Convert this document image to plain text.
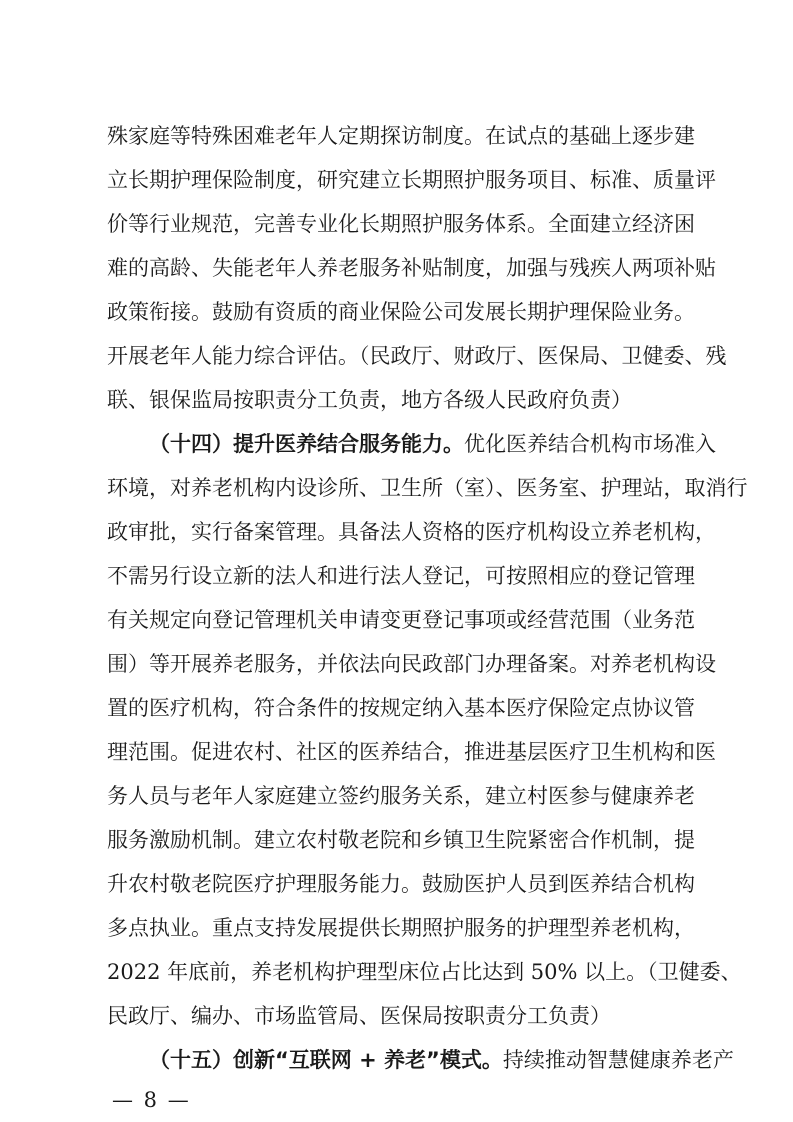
殊家庭等特殊困难老年人定期探访制度。在试点的基础上逐步建
立长期护理保险制度，研究建立长期照护服务项目、标准、质量评
价等行业规范，完善专业化长期照护服务体系。全面建立经济困
难的高龄、失能老年人养老服务补贴制度，加强与残疾人两项补贴
政策衔接。鼓励有资质的商业保险公司发展长期护理保险业务。
开展老年人能力综合评估。（民政厅、财政厅、医保局、卫健委、残
联、银保监局按职责分工负责，地方各级人民政府负责）
（十四）提升医养结合服务能力。优化医养结合机构市场准入
环境，对养老机构内设诊所、卫生所（室）、医务室、护理站，取消行
政审批，实行备案管理。具备法人资格的医疗机构设立养老机构，
不需另行设立新的法人和进行法人登记，可按照相应的登记管理
有关规定向登记管理机关申请变更登记事项或经营范围（业务范
围）等开展养老服务，并依法向民政部门办理备案。对养老机构设
置的医疗机构，符合条件的按规定纳入基本医疗保险定点协议管
理范围。促进农村、社区的医养结合，推进基层医疗卫生机构和医
务人员与老年人家庭建立签约服务关系，建立村医参与健康养老
服务激励机制。建立农村敬老院和乡镇卫生院紧密合作机制，提
升农村敬老院医疗护理服务能力。鼓励医护人员到医养结合机构
多点执业。重点支持发展提供长期照护服务的护理型养老机构，
2022 年底前，养老机构护理型床位占比达到 50% 以上。（卫健委、
民政厅、编办、市场监管局、医保局按职责分工负责）
（十五）创新“互联网 + 养老”模式。持续推动智慧健康养老产
— 8 —
